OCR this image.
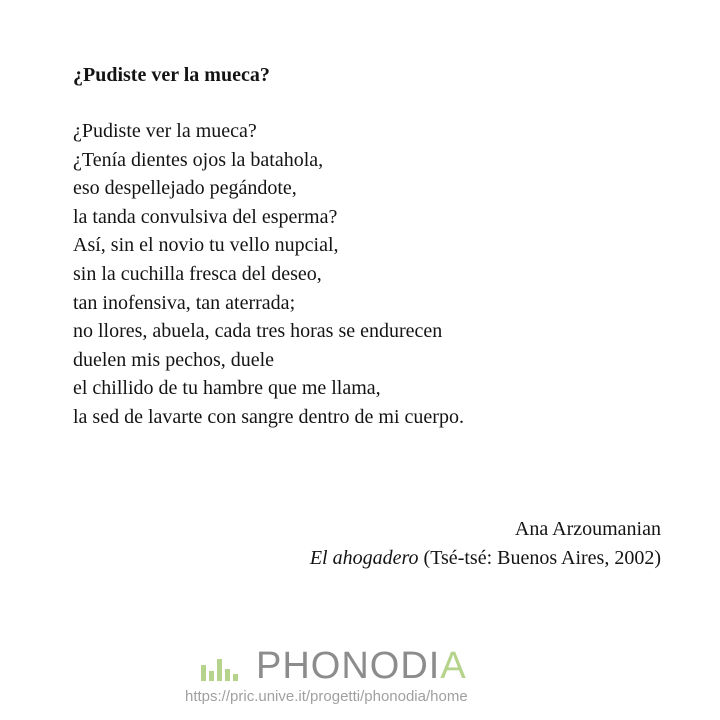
¿Pudiste ver la mueca?
¿Pudiste ver la mueca?
¿Tenía dientes ojos la batahola,
eso despellejado pegándote,
la tanda convulsiva del esperma?
Así, sin el novio tu vello nupcial,
sin la cuchilla fresca del deseo,
tan inofensiva, tan aterrada;
no llores, abuela, cada tres horas se endurecen
duelen mis pechos, duele
el chillido de tu hambre que me llama,
la sed de lavarte con sangre dentro de mi cuerpo.
Ana Arzoumanian
El ahogadero (Tsé-tsé: Buenos Aires, 2002)
PHONODIA
https://pric.unive.it/progetti/phonodia/home
